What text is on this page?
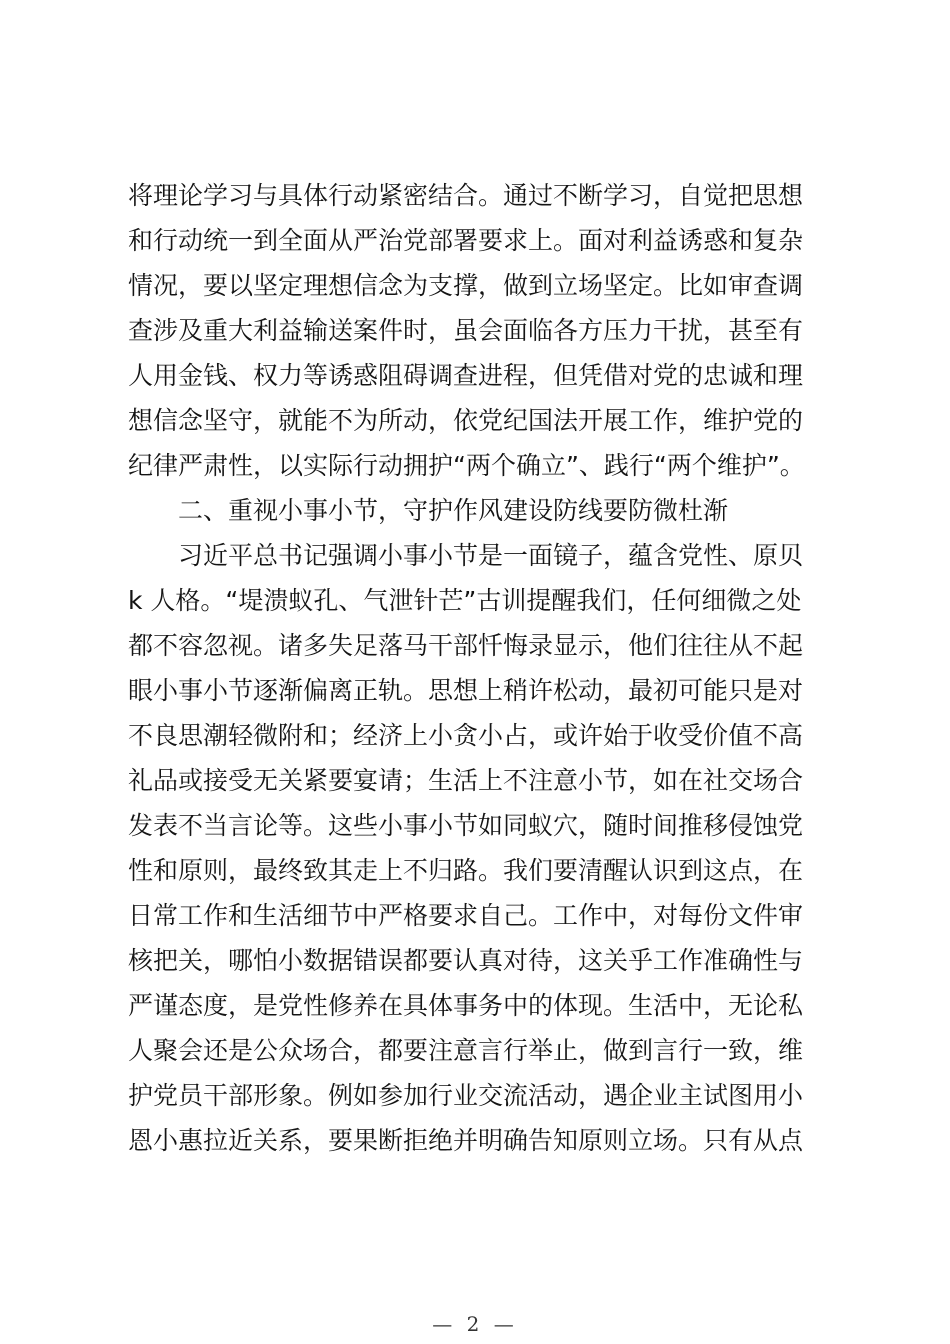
将理论学习与具体行动紧密结合。通过不断学习，自觉把思想
和行动统一到全面从严治党部署要求上。面对利益诱惑和复杂
情况，要以坚定理想信念为支撑，做到立场坚定。比如审查调
查涉及重大利益输送案件时，虽会面临各方压力干扰，甚至有
人用金钱、权力等诱惑阻碍调查进程，但凭借对党的忠诚和理
想信念坚守，就能不为所动，依党纪国法开展工作，维护党的
纪律严肃性，以实际行动拥护“两个确立”、践行“两个维护”。
二、重视小事小节，守护作风建设防线要防微杜渐
习近平总书记强调小事小节是一面镜子，蕴含党性、原贝
k 人格。“堤溃蚁孔、气泄针芒”古训提醒我们，任何细微之处
都不容忽视。诸多失足落马干部忏悔录显示，他们往往从不起
眼小事小节逐渐偏离正轨。思想上稍许松动，最初可能只是对
不良思潮轻微附和；经济上小贪小占，或许始于收受价值不高
礼品或接受无关紧要宴请；生活上不注意小节，如在社交场合
发表不当言论等。这些小事小节如同蚁穴，随时间推移侵蚀党
性和原则，最终致其走上不归路。我们要清醒认识到这点，在
日常工作和生活细节中严格要求自己。工作中，对每份文件审
核把关，哪怕小数据错误都要认真对待，这关乎工作准确性与
严谨态度，是党性修养在具体事务中的体现。生活中，无论私
人聚会还是公众场合，都要注意言行举止，做到言行一致，维
护党员干部形象。例如参加行业交流活动，遇企业主试图用小
恩小惠拉近关系，要果断拒绝并明确告知原则立场。只有从点
— 2 —
